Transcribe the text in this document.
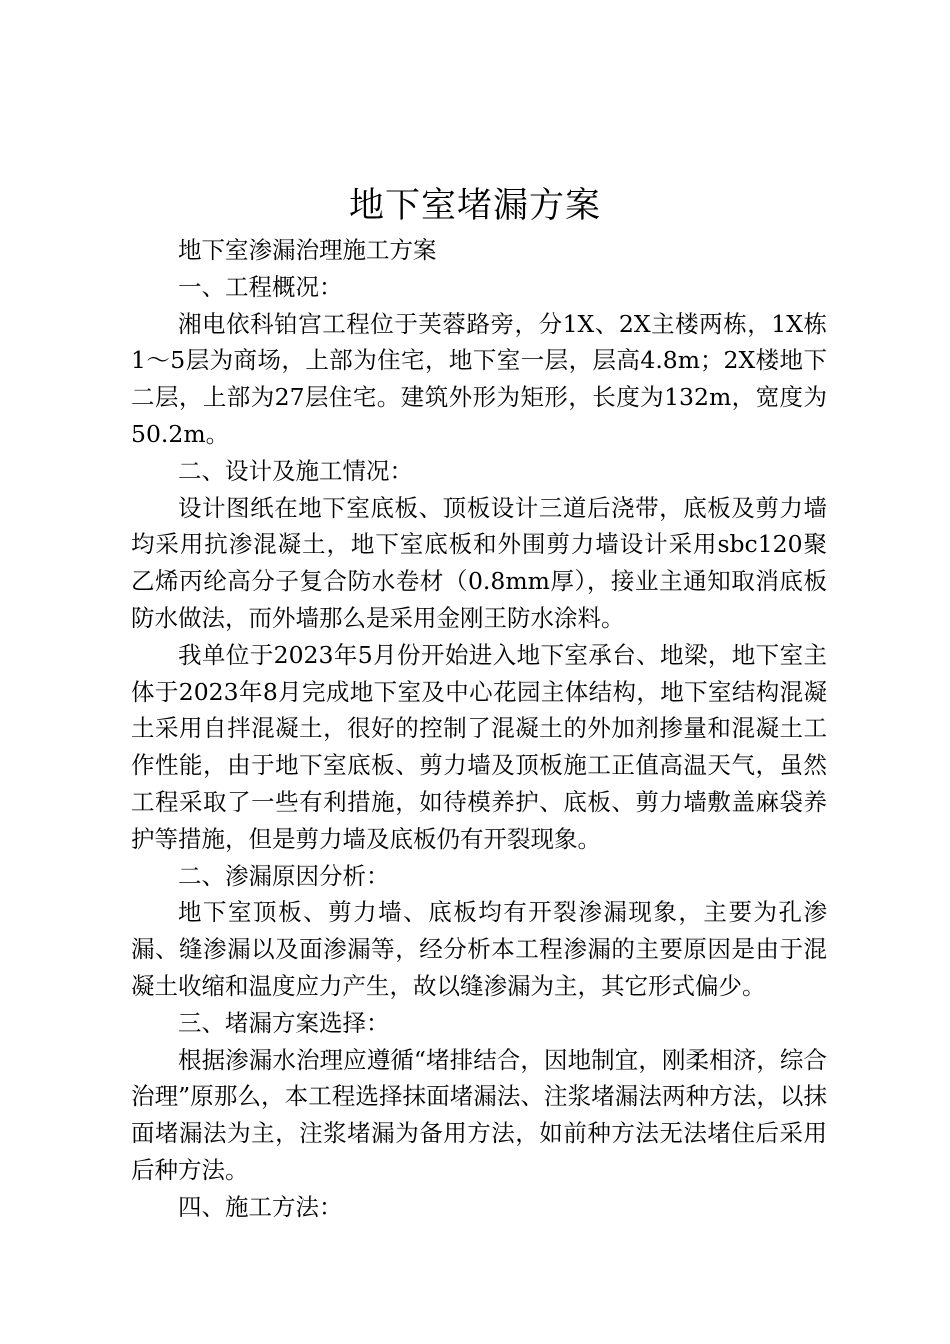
地下室堵漏方案

地下室渗漏治理施工方案

一、工程概况：

湘电依科铂宫工程位于芙蓉路旁，分1X、2X主楼两栋，1X栋1～5层为商场，上部为住宅，地下室一层，层高4.8m；2X楼地下二层，上部为27层住宅。建筑外形为矩形，长度为132m，宽度为50.2m。

二、设计及施工情况：

设计图纸在地下室底板、顶板设计三道后浇带，底板及剪力墙均采用抗渗混凝土，地下室底板和外围剪力墙设计采用sbc120聚乙烯丙纶高分子复合防水卷材（0.8mm厚），接业主通知取消底板防水做法，而外墙那么是采用金刚王防水涂料。

我单位于2023年5月份开始进入地下室承台、地梁，地下室主体于2023年8月完成地下室及中心花园主体结构，地下室结构混凝土采用自拌混凝土，很好的控制了混凝土的外加剂掺量和混凝土工作性能，由于地下室底板、剪力墙及顶板施工正值高温天气，虽然工程采取了一些有利措施，如待模养护、底板、剪力墙敷盖麻袋养护等措施，但是剪力墙及底板仍有开裂现象。

二、渗漏原因分析：

地下室顶板、剪力墙、底板均有开裂渗漏现象，主要为孔渗漏、缝渗漏以及面渗漏等，经分析本工程渗漏的主要原因是由于混凝土收缩和温度应力产生，故以缝渗漏为主，其它形式偏少。

三、堵漏方案选择：

根据渗漏水治理应遵循“堵排结合，因地制宜，刚柔相济，综合治理”原那么，本工程选择抹面堵漏法、注浆堵漏法两种方法，以抹面堵漏法为主，注浆堵漏为备用方法，如前种方法无法堵住后采用后种方法。

四、施工方法：
